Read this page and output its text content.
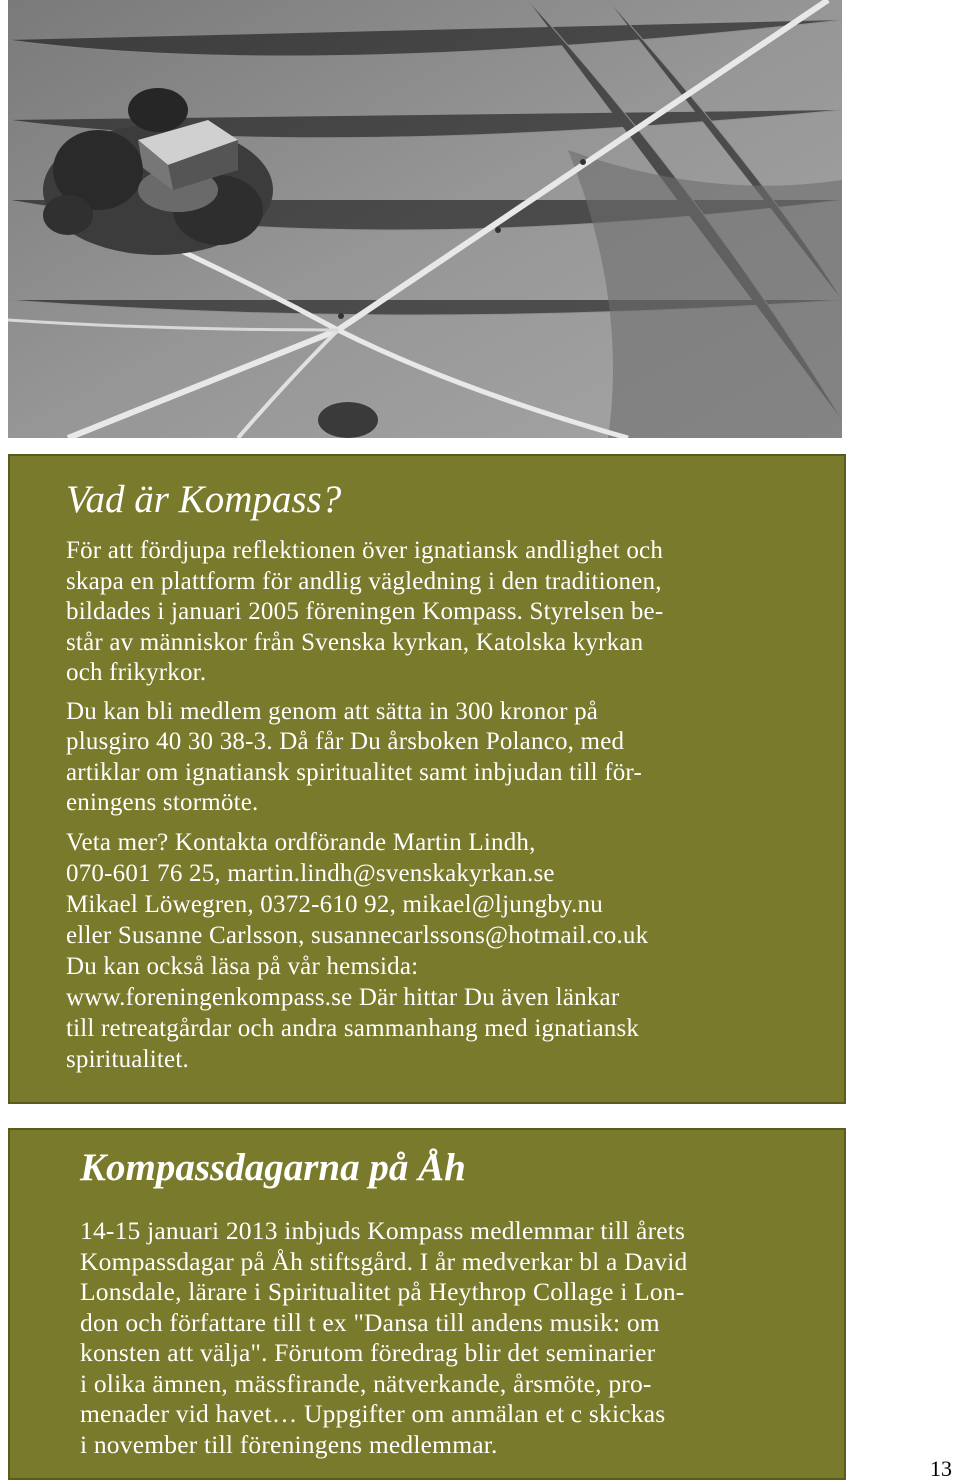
Vad är Kompass?
För att fördjupa reflektionen över ignatiansk andlighet och
skapa en plattform för andlig vägledning i den traditionen,
bildades i januari 2005 föreningen Kompass. Styrelsen be-
står av människor från Svenska kyrkan, Katolska kyrkan
och frikyrkor.
Du kan bli medlem genom att sätta in 300 kronor på
plusgiro 40 30 38-3. Då får Du årsboken Polanco, med
artiklar om ignatiansk spiritualitet samt inbjudan till för-
eningens stormöte.
Veta mer? Kontakta ordförande Martin Lindh,
070-601 76 25, martin.lindh@svenskakyrkan.se
Mikael Löwegren, 0372-610 92, mikael@ljungby.nu
eller Susanne Carlsson, susannecarlssons@hotmail.co.uk
Du kan också läsa på vår hemsida:
www.foreningenkompass.se Där hittar Du även länkar
till retreatgårdar och andra sammanhang med ignatiansk
spiritualitet.
Kompassdagarna på Åh
14-15 januari 2013 inbjuds Kompass medlemmar till årets
Kompassdagar på Åh stiftsgård. I år medverkar bl a David
Lonsdale, lärare i Spiritualitet på Heythrop Collage i Lon-
don och författare till t ex "Dansa till andens musik: om
konsten att välja". Förutom föredrag blir det seminarier
i olika ämnen, mässfirande, nätverkande, årsmöte, pro-
menader vid havet… Uppgifter om anmälan et c skickas
i november till föreningens medlemmar.
13
